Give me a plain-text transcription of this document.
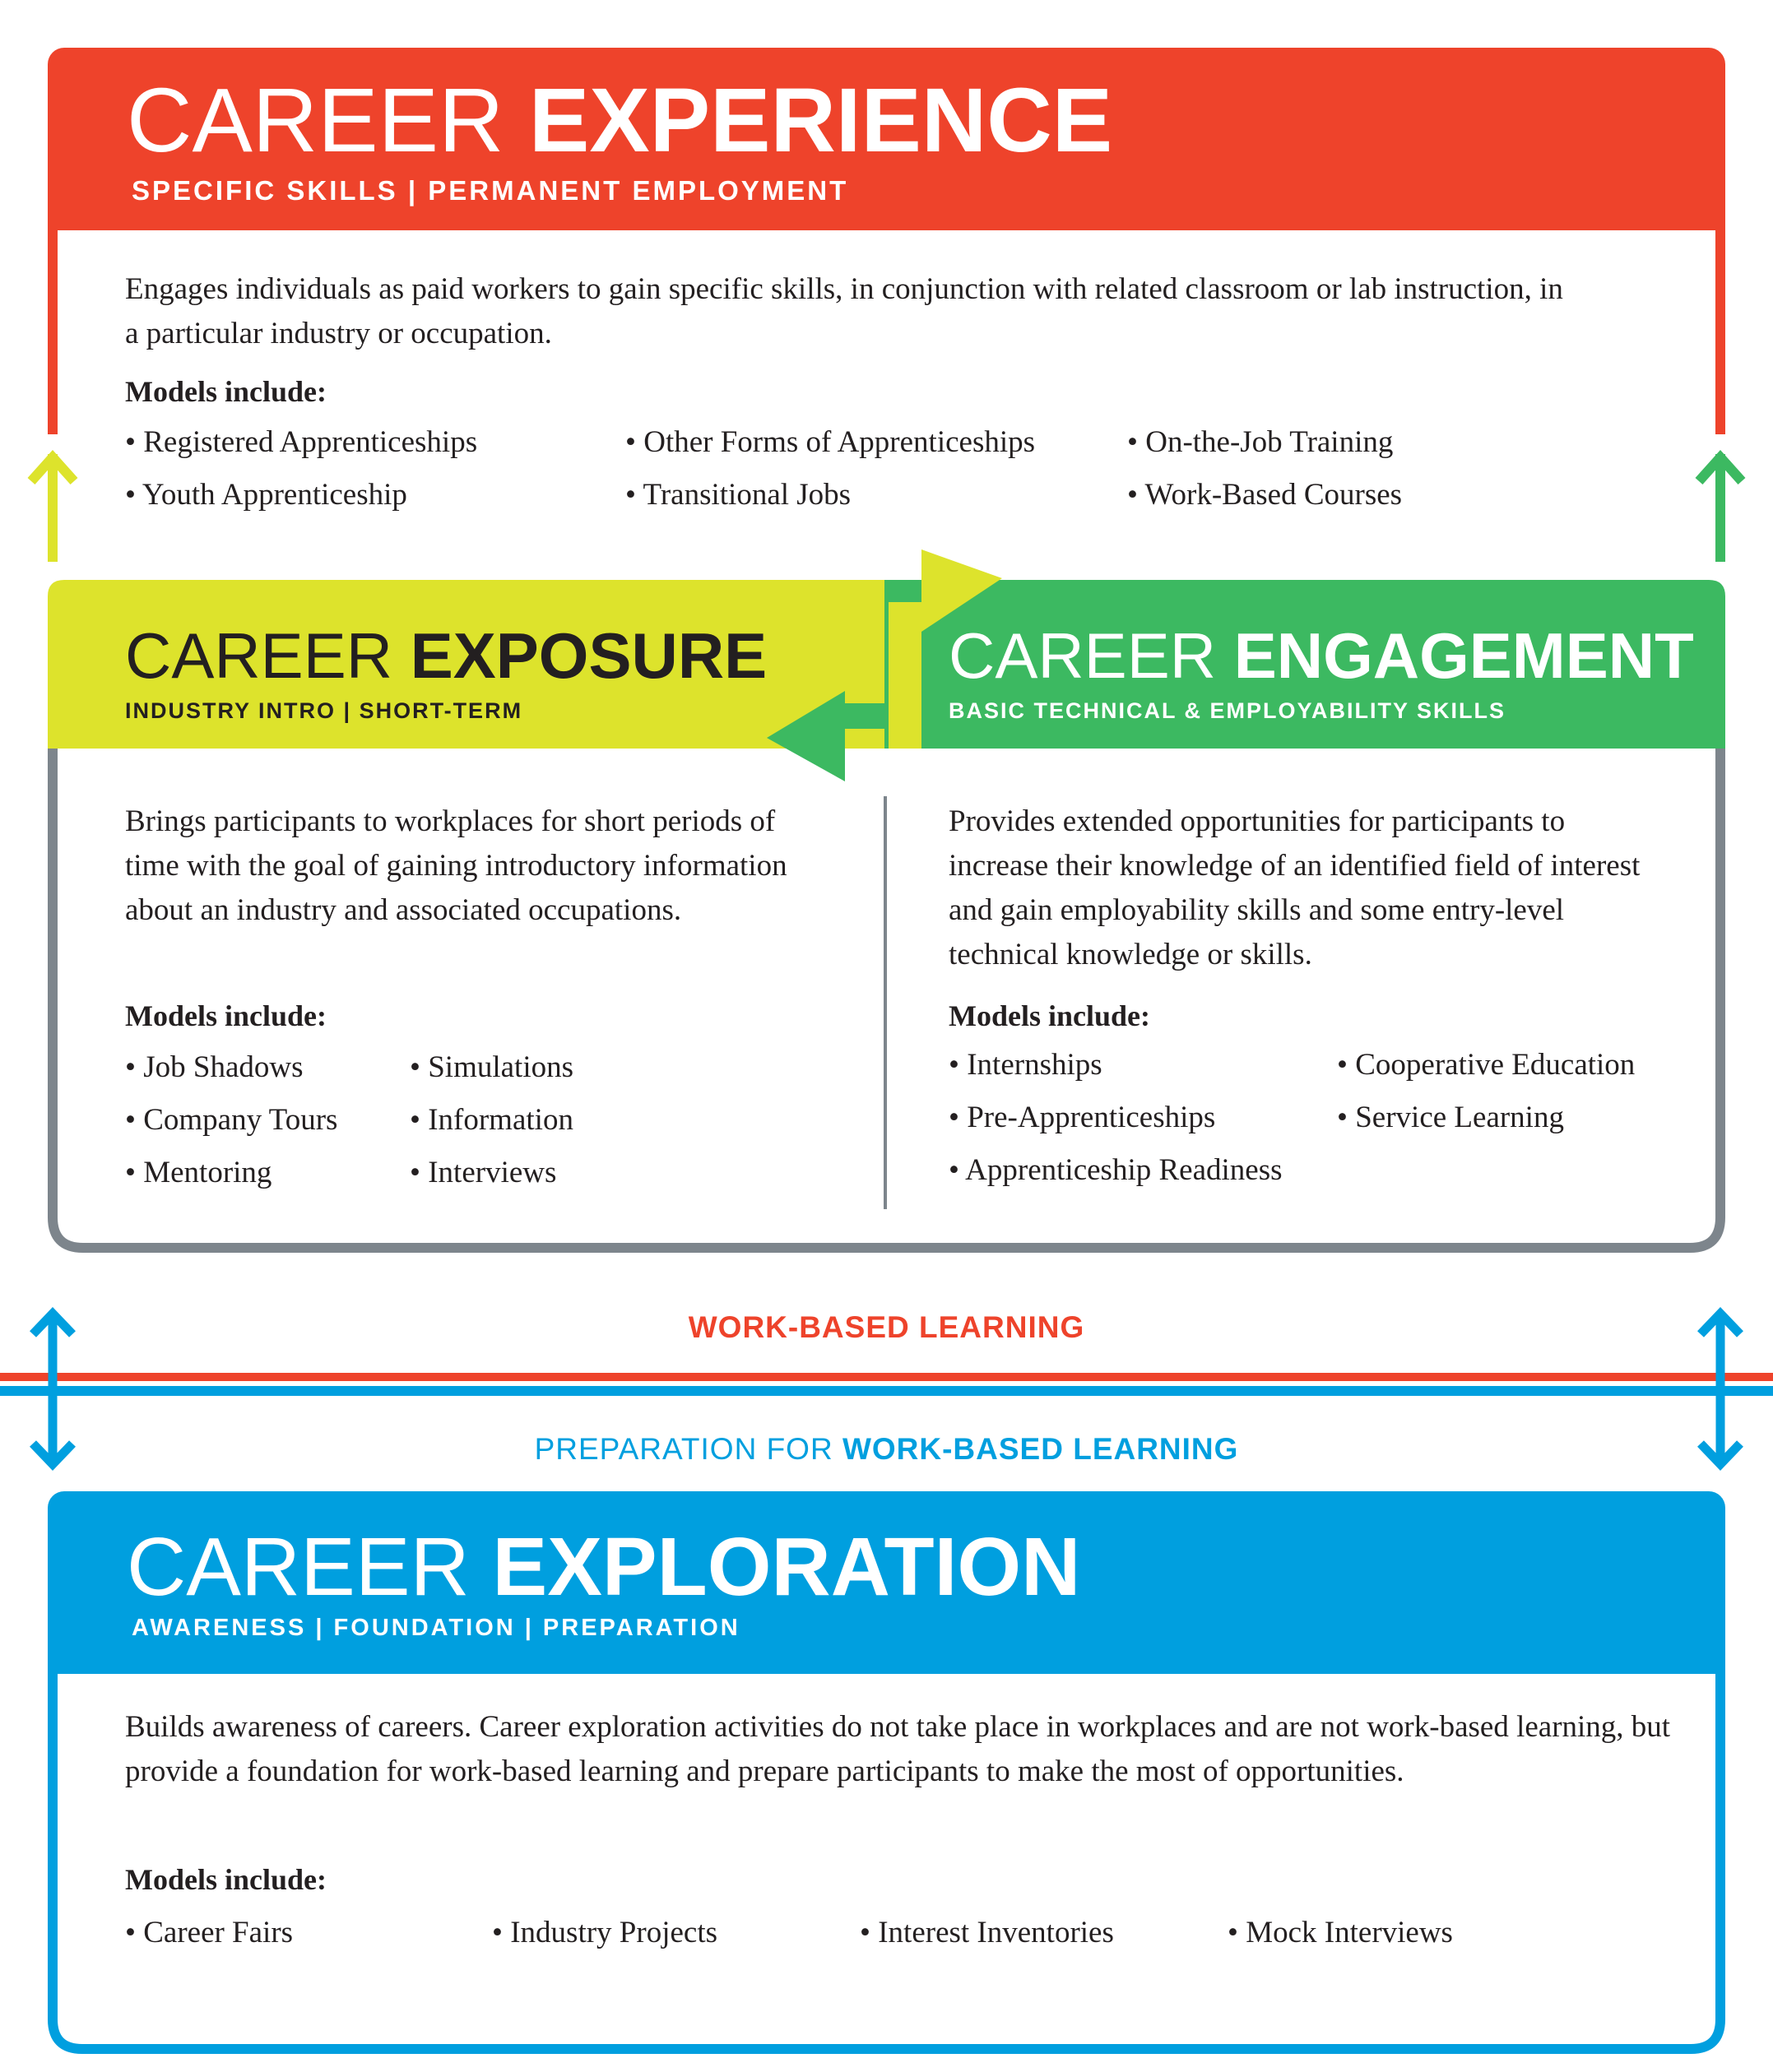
CAREER EXPERIENCE
SPECIFIC SKILLS | PERMANENT EMPLOYMENT
Engages individuals as paid workers to gain specific skills, in conjunction with related classroom or lab instruction, in a particular industry or occupation.
Models include:
• Registered Apprenticeships
• Youth Apprenticeship
• Other Forms of Apprenticeships
• Transitional Jobs
• On-the-Job Training
• Work-Based Courses
CAREER EXPOSURE
INDUSTRY INTRO | SHORT-TERM
Brings participants to workplaces for short periods of time with the goal of gaining introductory information about an industry and associated occupations.
Models include:
• Job Shadows
• Company Tours
• Mentoring
• Simulations
• Information
• Interviews
CAREER ENGAGEMENT
BASIC TECHNICAL & EMPLOYABILITY SKILLS
Provides extended opportunities for participants to increase their knowledge of an identified field of interest and gain employability skills and some entry-level technical knowledge or skills.
Models include:
• Internships
• Pre-Apprenticeships
• Apprenticeship Readiness
• Cooperative Education
• Service Learning
WORK-BASED LEARNING
PREPARATION FOR WORK-BASED LEARNING
CAREER EXPLORATION
AWARENESS | FOUNDATION | PREPARATION
Builds awareness of careers. Career exploration activities do not take place in workplaces and are not work-based learning, but provide a foundation for work-based learning and prepare participants to make the most of opportunities.
Models include:
• Career Fairs	• Industry Projects	• Interest Inventories	• Mock Interviews
